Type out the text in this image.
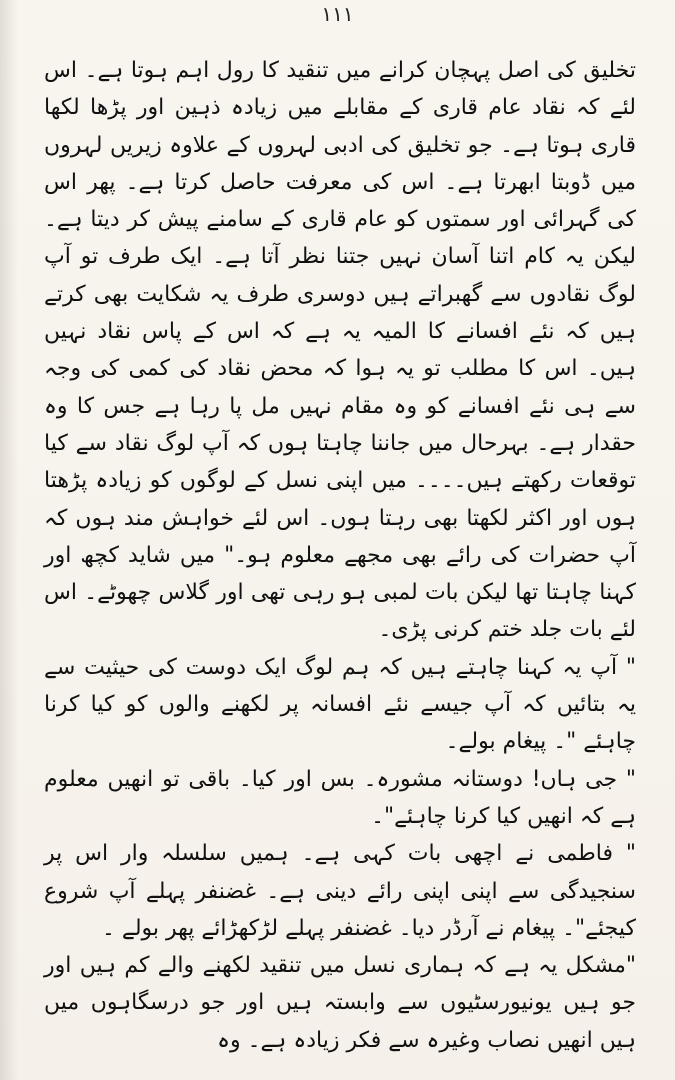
۱۱۱

تخلیق کی اصل پہچان کرانے میں تنقید کا رول اہم ہوتا ہے۔ اس لئے کہ نقاد عام قاری کے مقابلے میں زیادہ ذہین اور پڑھا لکھا قاری ہوتا ہے۔ جو تخلیق کی ادبی لہروں کے علاوہ زیریں لہروں میں ڈوبتا ابھرتا ہے۔ اس کی معرفت حاصل کرتا ہے۔ پھر اس کی گہرائی اور سمتوں کو عام قاری کے سامنے پیش کر دیتا ہے۔ لیکن یہ کام اتنا آسان نہیں جتنا نظر آتا ہے۔ ایک طرف تو آپ لوگ نقادوں سے گھبراتے ہیں دوسری طرف یہ شکایت بھی کرتے ہیں کہ نئے افسانے کا المیہ یہ ہے کہ اس کے پاس نقاد نہیں ہیں۔ اس کا مطلب تو یہ ہوا کہ محض نقاد کی کمی کی وجہ سے ہی نئے افسانے کو وہ مقام نہیں مل پا رہا ہے جس کا وہ حقدار ہے۔ بہرحال میں جاننا چاہتا ہوں کہ آپ لوگ نقاد سے کیا توقعات رکھتے ہیں۔۔۔۔ میں اپنی نسل کے لوگوں کو زیادہ پڑھتا ہوں اور اکثر لکھتا بھی رہتا ہوں۔ اس لئے خواہش مند ہوں کہ آپ حضرات کی رائے بھی مجھے معلوم ہو۔" میں شاید کچھ اور کہنا چاہتا تھا لیکن بات لمبی ہو رہی تھی اور گلاس چھوٹے۔ اس لئے بات جلد ختم کرنی پڑی۔

" آپ یہ کہنا چاہتے ہیں کہ ہم لوگ ایک دوست کی حیثیت سے یہ بتائیں کہ آپ جیسے نئے افسانہ پر لکھنے والوں کو کیا کرنا چاہئے "۔ پیغام بولے۔

" جی ہاں! دوستانہ مشورہ۔ بس اور کیا۔ باقی تو انھیں معلوم ہے کہ انھیں کیا کرنا چاہئے"۔

" فاطمی نے اچھی بات کہی ہے۔ ہمیں سلسلہ وار اس پر سنجیدگی سے اپنی اپنی رائے دینی ہے۔ غضنفر پہلے آپ شروع کیجئے"۔ پیغام نے آرڈر دیا۔ غضنفر پہلے لڑکھڑائے پھر بولے ۔

"مشکل یہ ہے کہ ہماری نسل میں تنقید لکھنے والے کم ہیں اور جو ہیں یونیورسٹیوں سے وابستہ ہیں اور جو درسگاہوں میں ہیں انھیں نصاب وغیرہ سے فکر زیادہ ہے۔ وہ
